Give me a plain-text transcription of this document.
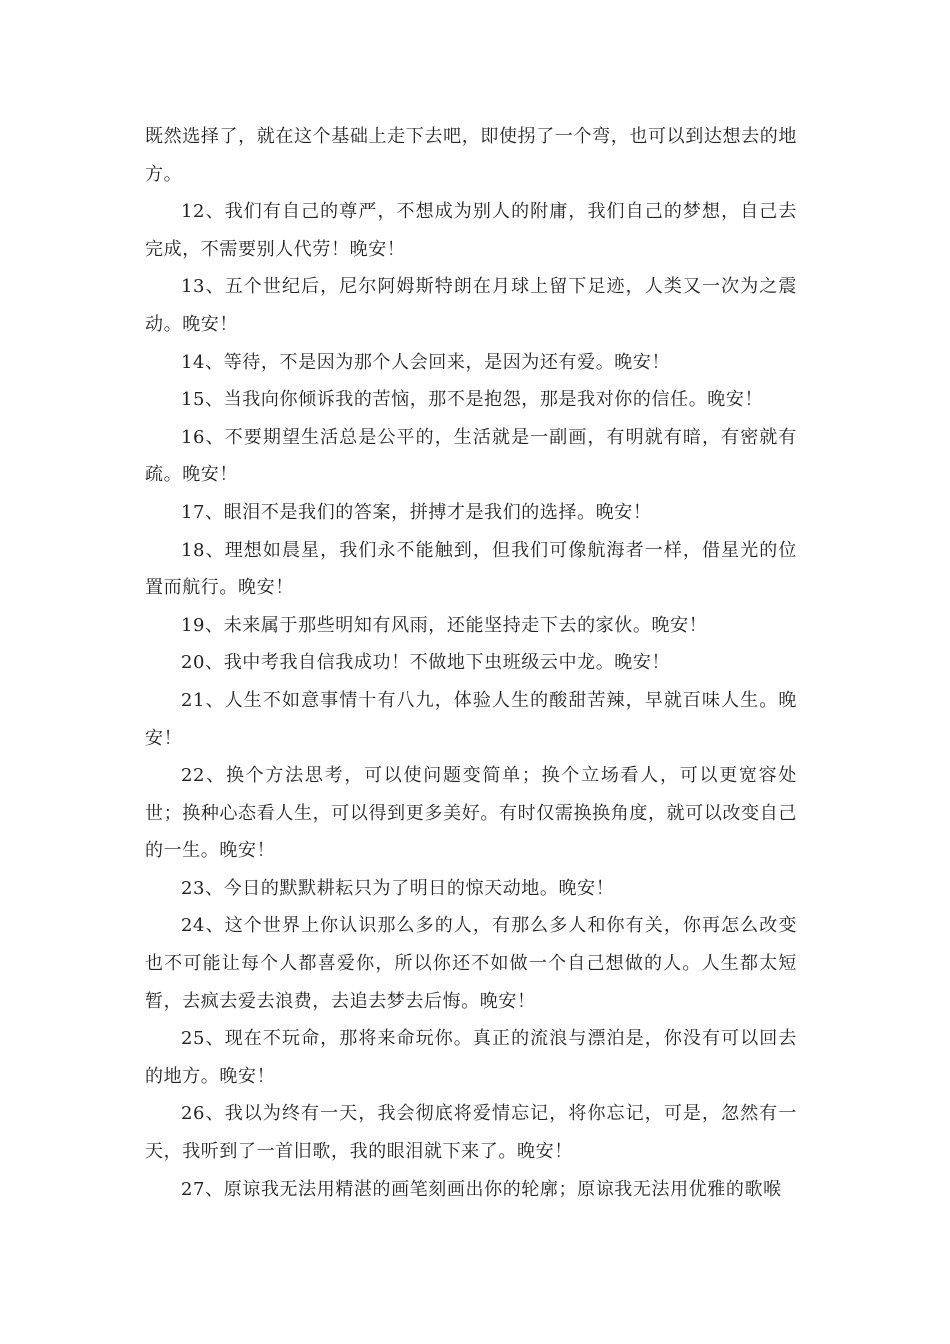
既然选择了，就在这个基础上走下去吧，即使拐了一个弯，也可以到达想去的地方。

12、我们有自己的尊严，不想成为别人的附庸，我们自己的梦想，自己去完成，不需要别人代劳！晚安！

13、五个世纪后，尼尔阿姆斯特朗在月球上留下足迹，人类又一次为之震动。晚安！

14、等待，不是因为那个人会回来，是因为还有爱。晚安！

15、当我向你倾诉我的苦恼，那不是抱怨，那是我对你的信任。晚安！

16、不要期望生活总是公平的，生活就是一副画，有明就有暗，有密就有疏。晚安！

17、眼泪不是我们的答案，拼搏才是我们的选择。晚安！

18、理想如晨星，我们永不能触到，但我们可像航海者一样，借星光的位置而航行。晚安！

19、未来属于那些明知有风雨，还能坚持走下去的家伙。晚安！

20、我中考我自信我成功！不做地下虫班级云中龙。晚安！

21、人生不如意事情十有八九，体验人生的酸甜苦辣，早就百味人生。晚安！

22、换个方法思考，可以使问题变简单；换个立场看人，可以更宽容处世；换种心态看人生，可以得到更多美好。有时仅需换换角度，就可以改变自己的一生。晚安！

23、今日的默默耕耘只为了明日的惊天动地。晚安！

24、这个世界上你认识那么多的人，有那么多人和你有关，你再怎么改变也不可能让每个人都喜爱你，所以你还不如做一个自己想做的人。人生都太短暂，去疯去爱去浪费，去追去梦去后悔。晚安！

25、现在不玩命，那将来命玩你。真正的流浪与漂泊是，你没有可以回去的地方。晚安！

26、我以为终有一天，我会彻底将爱情忘记，将你忘记，可是，忽然有一天，我听到了一首旧歌，我的眼泪就下来了。晚安！

27、原谅我无法用精湛的画笔刻画出你的轮廓；原谅我无法用优雅的歌喉
